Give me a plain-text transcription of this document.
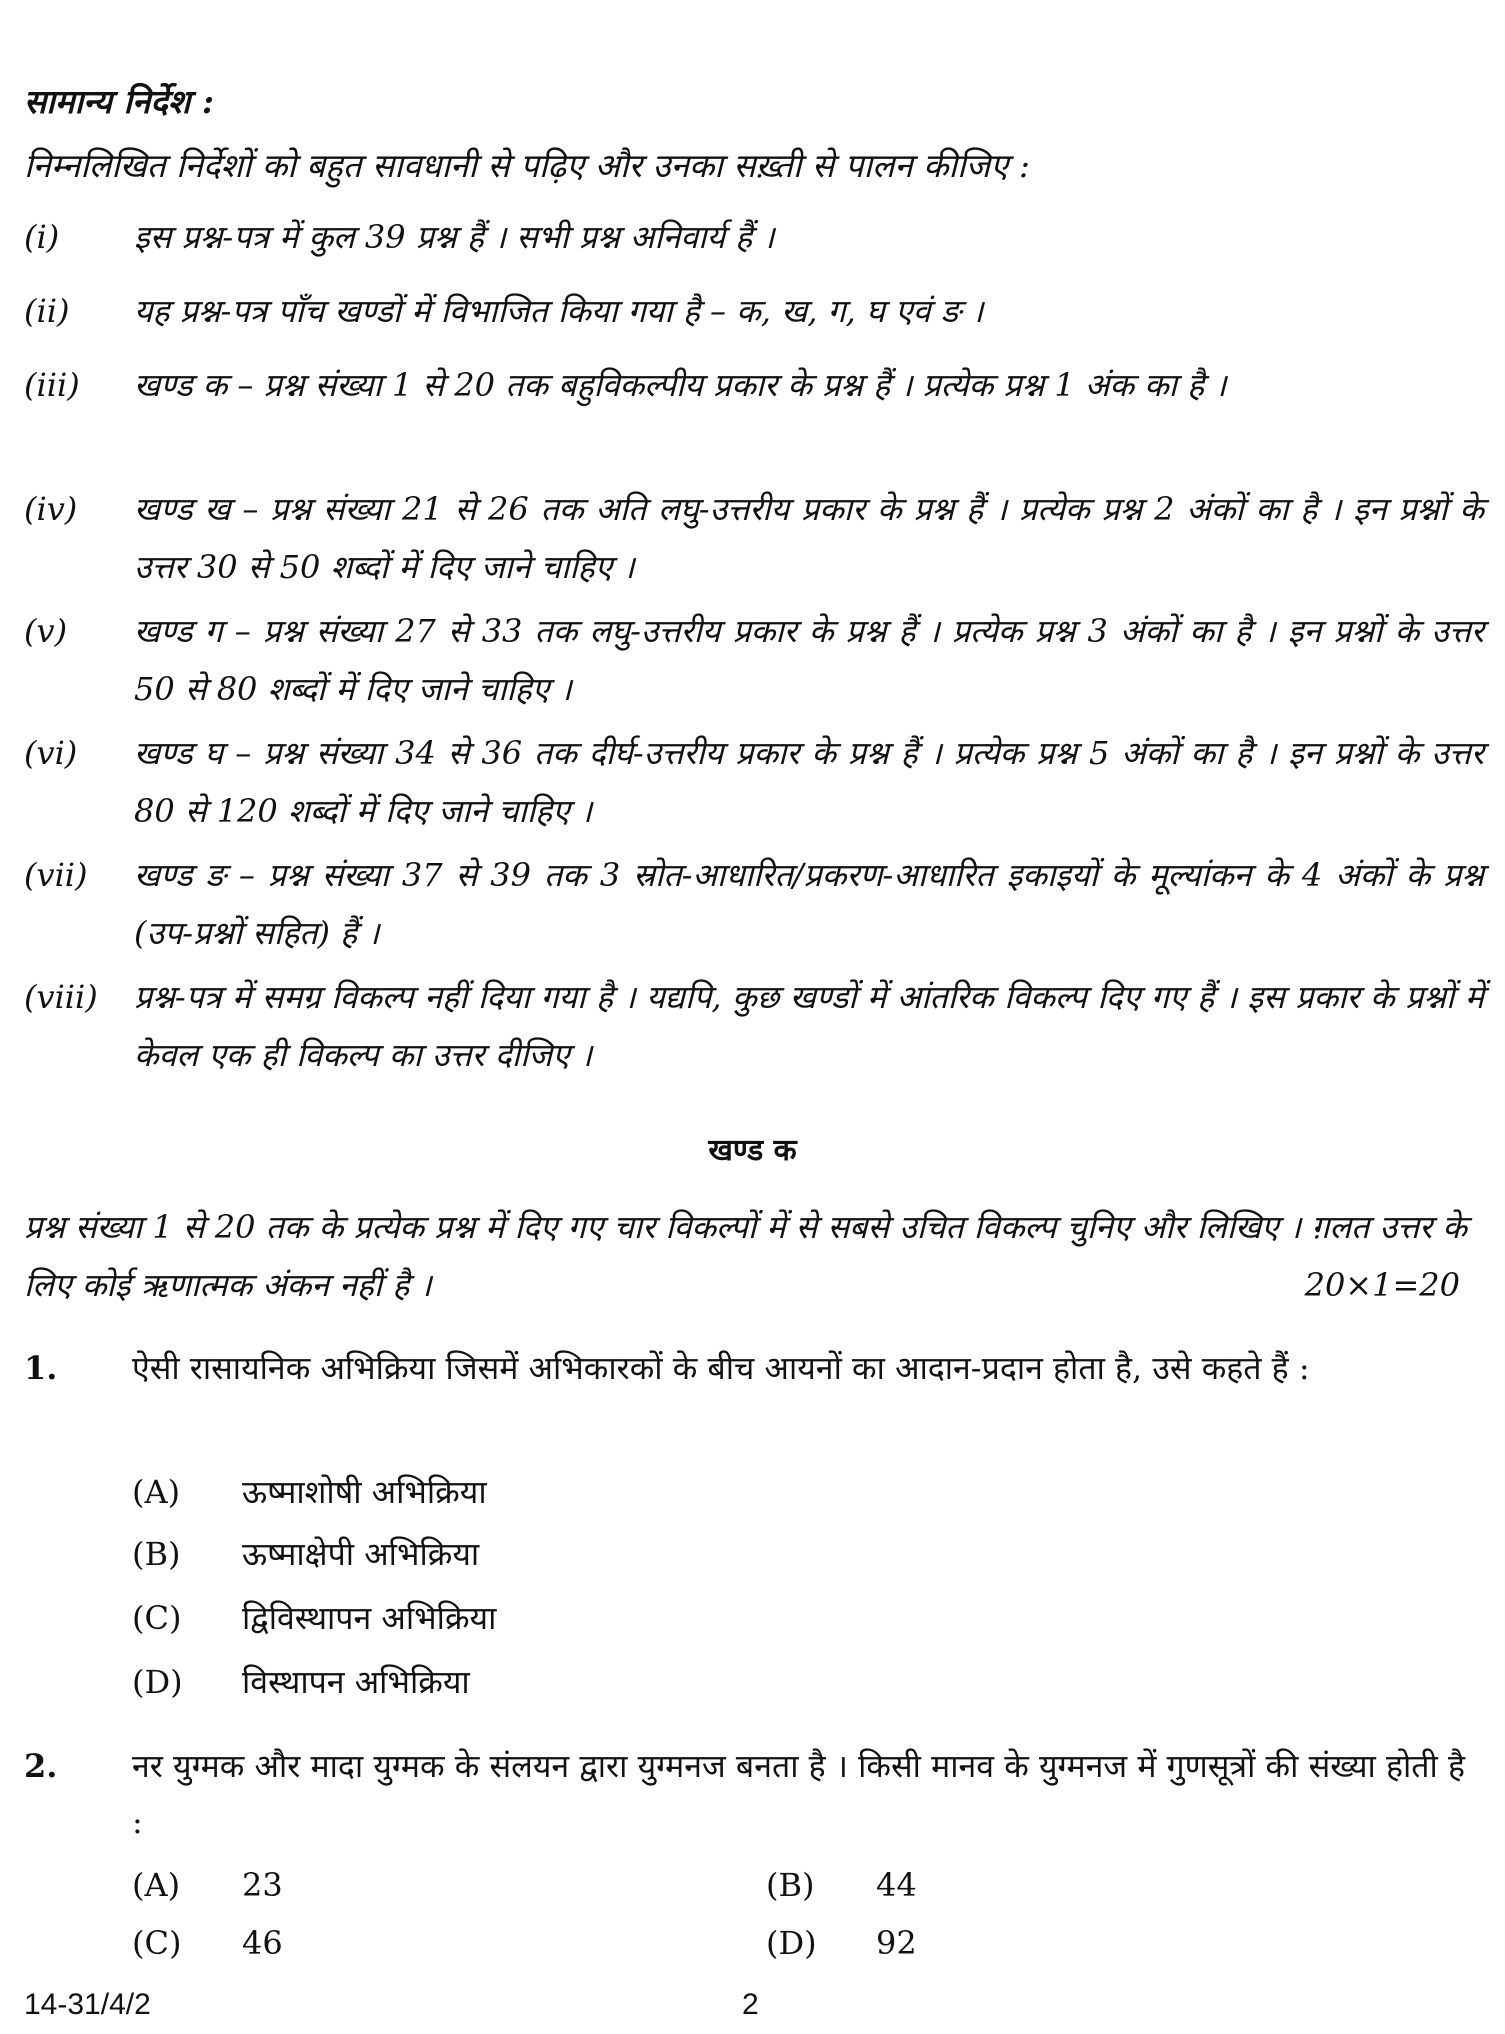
सामान्य निर्देश :
निम्नलिखित निर्देशों को बहुत सावधानी से पढ़िए और उनका सख़्ती से पालन कीजिए :
(i)	इस प्रश्न-पत्र में कुल 39 प्रश्न हैं । सभी प्रश्न अनिवार्य हैं ।
(ii)	यह प्रश्न-पत्र पाँच खण्डों में विभाजित किया गया है – क, ख, ग, घ एवं ङ ।
(iii)	खण्ड क – प्रश्न संख्या 1 से 20 तक बहुविकल्पीय प्रकार के प्रश्न हैं । प्रत्येक प्रश्न 1 अंक का है ।
(iv)	खण्ड ख – प्रश्न संख्या 21 से 26 तक अति लघु-उत्तरीय प्रकार के प्रश्न हैं । प्रत्येक प्रश्न 2 अंकों का है । इन प्रश्नों के उत्तर 30 से 50 शब्दों में दिए जाने चाहिए ।
(v)	खण्ड ग – प्रश्न संख्या 27 से 33 तक लघु-उत्तरीय प्रकार के प्रश्न हैं । प्रत्येक प्रश्न 3 अंकों का है । इन प्रश्नों के उत्तर 50 से 80 शब्दों में दिए जाने चाहिए ।
(vi)	खण्ड घ – प्रश्न संख्या 34 से 36 तक दीर्घ-उत्तरीय प्रकार के प्रश्न हैं । प्रत्येक प्रश्न 5 अंकों का है । इन प्रश्नों के उत्तर 80 से 120 शब्दों में दिए जाने चाहिए ।
(vii)	खण्ड ङ – प्रश्न संख्या 37 से 39 तक 3 स्रोत-आधारित/प्रकरण-आधारित इकाइयों के मूल्यांकन के 4 अंकों के प्रश्न (उप-प्रश्नों सहित) हैं ।
(viii)	प्रश्न-पत्र में समग्र विकल्प नहीं दिया गया है । यद्यपि, कुछ खण्डों में आंतरिक विकल्प दिए गए हैं । इस प्रकार के प्रश्नों में केवल एक ही विकल्प का उत्तर दीजिए ।
खण्ड क
प्रश्न संख्या 1 से 20 तक के प्रत्येक प्रश्न में दिए गए चार विकल्पों में से सबसे उचित विकल्प चुनिए और लिखिए । ग़लत उत्तर के लिए कोई ऋणात्मक अंकन नहीं है ।	20×1=20
1. ऐसी रासायनिक अभिक्रिया जिसमें अभिकारकों के बीच आयनों का आदान-प्रदान होता है, उसे कहते हैं :
(A) ऊष्माशोषी अभिक्रिया
(B) ऊष्माक्षेपी अभिक्रिया
(C) द्विविस्थापन अभिक्रिया
(D) विस्थापन अभिक्रिया
2. नर युग्मक और मादा युग्मक के संलयन द्वारा युग्मनज बनता है । किसी मानव के युग्मनज में गुणसूत्रों की संख्या होती है :
(A) 23	(B) 44
(C) 46	(D) 92
14-31/4/2	2
